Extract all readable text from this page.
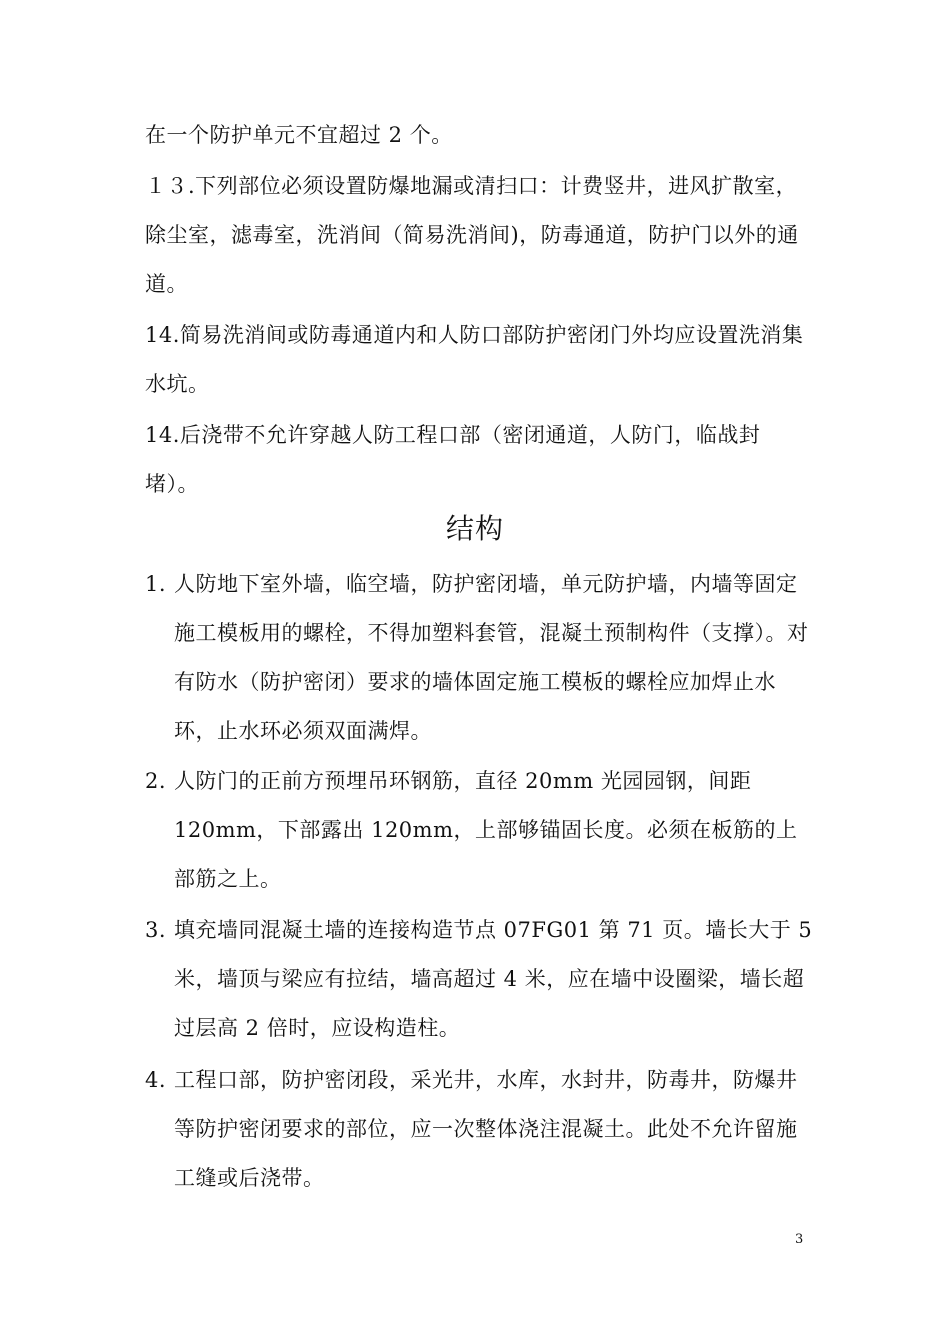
在一个防护单元不宜超过 2 个。

１３.下列部位必须设置防爆地漏或清扫口：计费竖井，进风扩散室，除尘室，滤毒室，洗消间（简易洗消间)，防毒通道，防护门以外的通道。

14.简易洗消间或防毒通道内和人防口部防护密闭门外均应设置洗消集水坑。

14.后浇带不允许穿越人防工程口部（密闭通道，人防门，临战封堵）。

结构
1. 人防地下室外墙，临空墙，防护密闭墙，单元防护墙，内墙等固定施工模板用的螺栓，不得加塑料套管，混凝土预制构件（支撑）。对有防水（防护密闭）要求的墙体固定施工模板的螺栓应加焊止水环，止水环必须双面满焊。
2. 人防门的正前方预埋吊环钢筋，直径 20mm 光园园钢，间距 120mm，下部露出 120mm，上部够锚固长度。必须在板筋的上部筋之上。
3. 填充墙同混凝土墙的连接构造节点 07FG01 第 71 页。墙长大于 5 米，墙顶与梁应有拉结，墙高超过 4 米，应在墙中设圈梁，墙长超过层高 2 倍时，应设构造柱。
4. 工程口部，防护密闭段，采光井，水库，水封井，防毒井，防爆井等防护密闭要求的部位，应一次整体浇注混凝土。此处不允许留施工缝或后浇带。
3
